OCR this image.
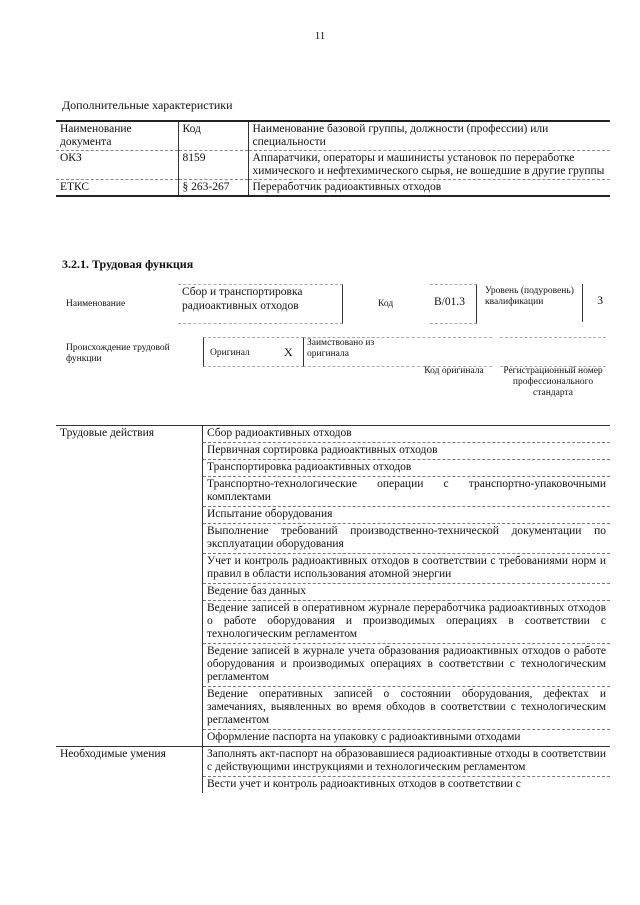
11
Дополнительные характеристики
Наименование документа	Код	Наименование базовой группы, должности (профессии) или специальности
ОКЗ	8159	Аппаратчики, операторы и машинисты установок по переработке химического и нефтехимического сырья, не вошедшие в другие группы
ЕТКС	§ 263-267	Переработчик радиоактивных отходов
3.2.1. Трудовая функция
Наименование
Сбор и транспортировка радиоактивных отходов	Код	B/01.3
Уровень (подуровень) квалификации	3
Происхождение трудовой функции
Оригинал	X
Заимствовано из оригинала
Код оригинала	Регистрационный номер профессионального стандарта
Трудовые действия	Сбор радиоактивных отходов
	Первичная сортировка радиоактивных отходов
	Транспортировка радиоактивных отходов
	Транспортно-технологические операции с транспортно-упаковочными комплектами
	Испытание оборудования
	Выполнение требований производственно-технической документации по эксплуатации оборудования
	Учет и контроль радиоактивных отходов в соответствии с требованиями норм и правил в области использования атомной энергии
	Ведение баз данных
	Ведение записей в оперативном журнале переработчика радиоактивных отходов о работе оборудования и производимых операциях в соответствии с технологическим регламентом
	Ведение записей в журнале учета образования радиоактивных отходов о работе оборудования и производимых операциях в соответствии с технологическим регламентом
	Ведение оперативных записей о состоянии оборудования, дефектах и замечаниях, выявленных во время обходов в соответствии с технологическим регламентом
	Оформление паспорта на упаковку с радиоактивными отходами
Необходимые умения	Заполнять акт-паспорт на образовавшиеся радиоактивные отходы в соответствии с действующими инструкциями и технологическим регламентом
	Вести учет и контроль радиоактивных отходов в соответствии с
